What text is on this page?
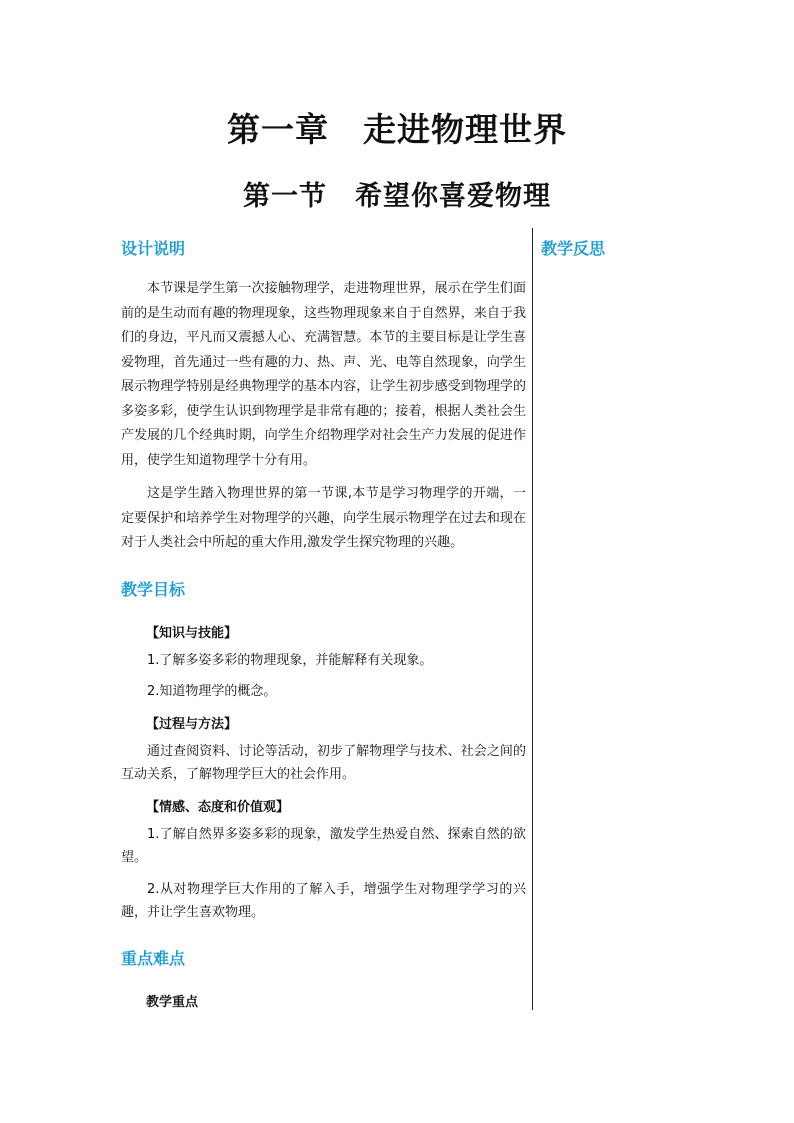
第一章　走进物理世界
第一节　希望你喜爱物理
教学反思
设计说明

本节课是学生第一次接触物理学，走进物理世界，展示在学生们面前的是生动而有趣的物理现象，这些物理现象来自于自然界，来自于我们的身边，平凡而又震撼人心、充满智慧。本节的主要目标是让学生喜爱物理，首先通过一些有趣的力、热、声、光、电等自然现象，向学生展示物理学特别是经典物理学的基本内容，让学生初步感受到物理学的多姿多彩，使学生认识到物理学是非常有趣的；接着，根据人类社会生产发展的几个经典时期，向学生介绍物理学对社会生产力发展的促进作用，使学生知道物理学十分有用。

这是学生踏入物理世界的第一节课,本节是学习物理学的开端，一定要保护和培养学生对物理学的兴趣，向学生展示物理学在过去和现在对于人类社会中所起的重大作用,激发学生探究物理的兴趣。

教学目标

【知识与技能】

1.了解多姿多彩的物理现象，并能解释有关现象。

2.知道物理学的概念。

【过程与方法】

通过查阅资料、讨论等活动，初步了解物理学与技术、社会之间的互动关系，了解物理学巨大的社会作用。

【情感、态度和价值观】

1.了解自然界多姿多彩的现象，激发学生热爱自然、探索自然的欲望。

2.从对物理学巨大作用的了解入手，增强学生对物理学学习的兴趣，并让学生喜欢物理。

重点难点

教学重点
